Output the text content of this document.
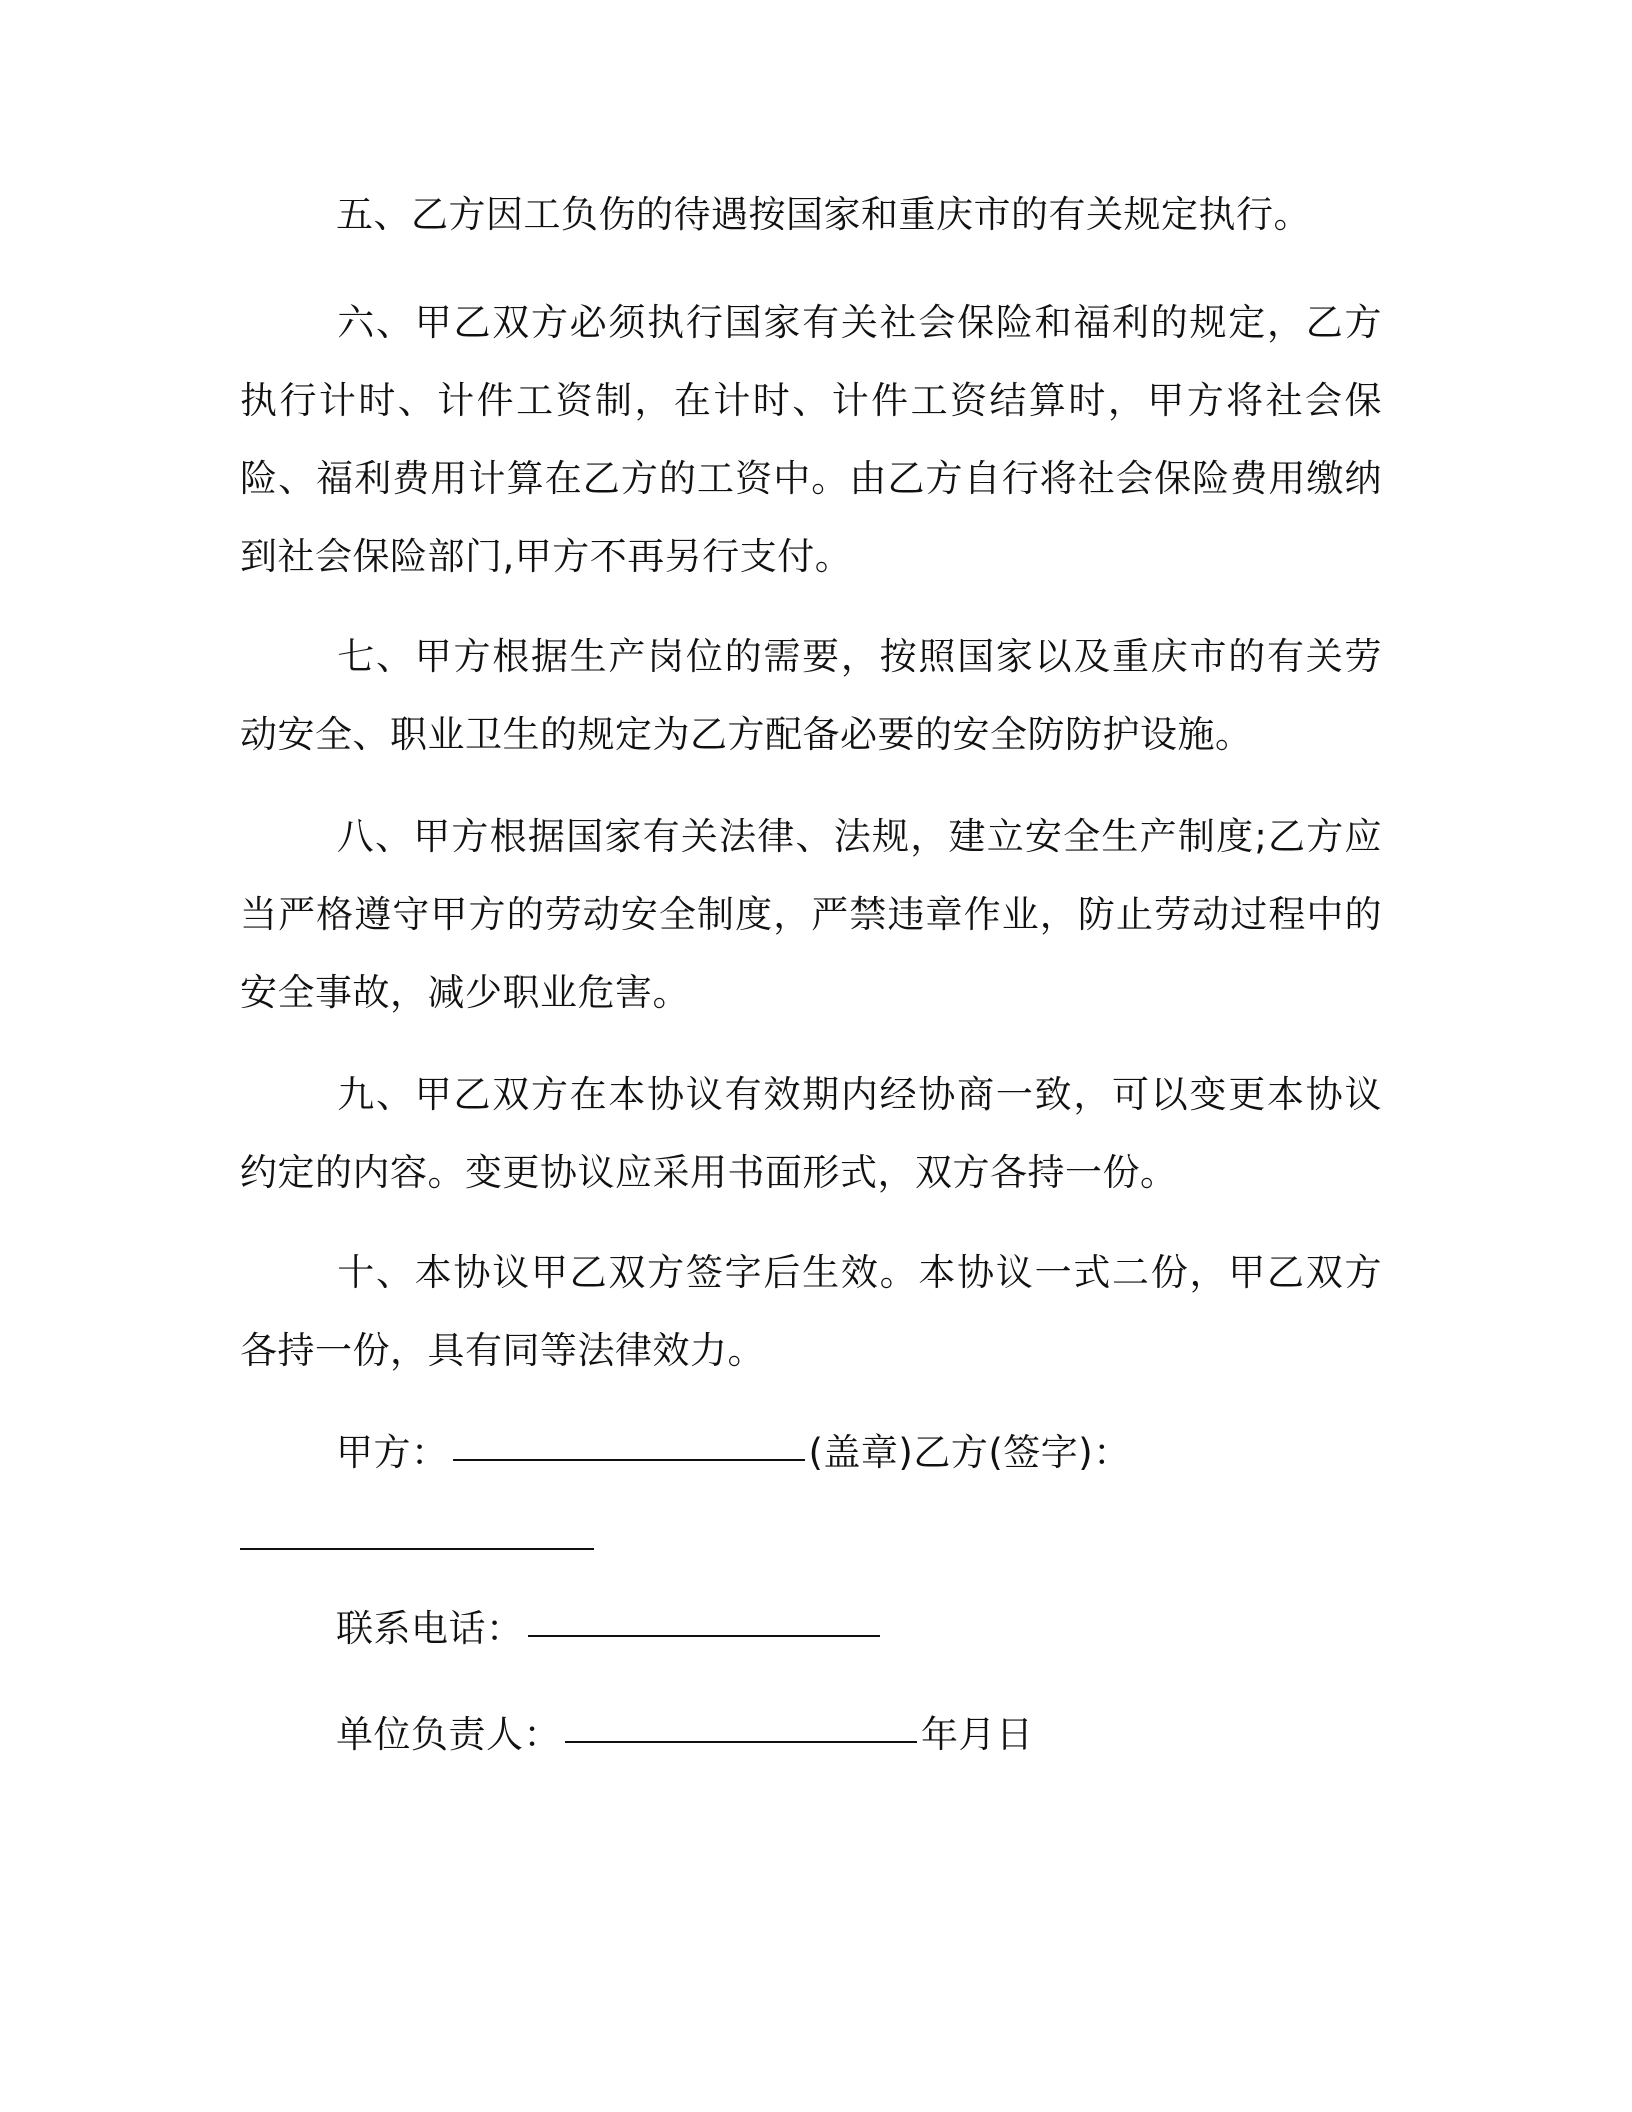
五、乙方因工负伤的待遇按国家和重庆市的有关规定执行。
六、甲乙双方必须执行国家有关社会保险和福利的规定，乙方执行计时、计件工资制，在计时、计件工资结算时，甲方将社会保险、福利费用计算在乙方的工资中。由乙方自行将社会保险费用缴纳到社会保险部门,甲方不再另行支付。
七、甲方根据生产岗位的需要，按照国家以及重庆市的有关劳动安全、职业卫生的规定为乙方配备必要的安全防防护设施。
八、甲方根据国家有关法律、法规，建立安全生产制度;乙方应当严格遵守甲方的劳动安全制度，严禁违章作业，防止劳动过程中的安全事故，减少职业危害。
九、甲乙双方在本协议有效期内经协商一致，可以变更本协议约定的内容。变更协议应采用书面形式，双方各持一份。
十、本协议甲乙双方签字后生效。本协议一式二份，甲乙双方各持一份，具有同等法律效力。
甲方：	(盖章)乙方(签字)：
联系电话：
单位负责人：	年月日
